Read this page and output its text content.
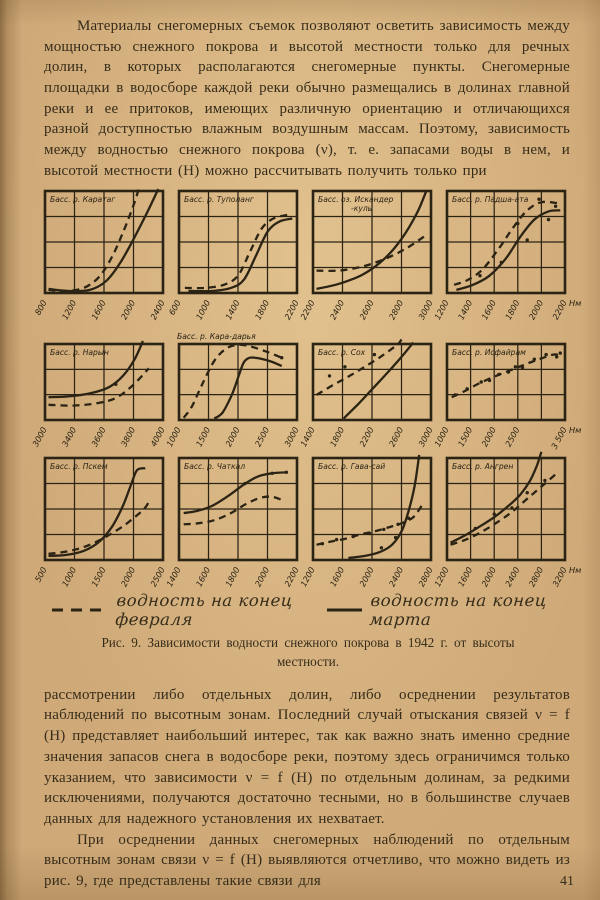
Материалы снегомерных съемок позволяют осветить зависимость между мощностью снежного покрова и высотой местности только для речных долин, в которых располагаются снегомерные пункты. Снегомерные площадки в водосборе каждой реки обычно размещались в долинах главной реки и ее притоков, имеющих различную ориентацию и отличающихся разной доступностью влажным воздушным массам. Поэтому, зависимость между водностью снежного покрова (ν), т. е. запасами воды в нем, и высотой местности (H) можно рассчитывать получить только при

Басс. р. Каратаг
800 1200 1600 2000 2400
Басс. р. Туполанг
600 1000 1400 1800 2200
Басс. оз. Искандер
-куль
2200 2400 2600 2800 3000
Басс. р. Падша-ата
1200 1400 1600 1800 2000 2200 Нм
Басс. р. Нарын
3000 3400 3600 3800 4000
Басс. р. Кара-дарья
1000 1500 2000 2500 3000
Басс. р. Сох
1400 1800 2200 2600 3000
Басс. р. Исфайрам
1000 1500 2000 2500	3 500 Нм
Басс. р. Пскем
500 1000 1500 2000 2500
Басс. р. Чаткал
1400 1600 1800 2000 2200
Басс. р. Гава-сай
1200 1600 2000 2400 2800
Басс. р. Ангрен
1200 1600 2000 2400 2800 3200 Нм
водность на конец февраля
водность на конец марта

Рис. 9. Зависимости водности снежного покрова в 1942 г. от высоты местности.

рассмотрении либо отдельных долин, либо осреднении результатов наблюдений по высотным зонам. Последний случай отыскания связей ν = f (H) представляет наибольший интерес, так как важно знать именно средние значения запасов снега в водосборе реки, поэтому здесь ограничимся только указанием, что зависимости ν = f (H) по отдельным долинам, за редкими исключениями, получаются достаточно тесными, но в большинстве случаев данных для надежного установления их нехватает.

При осреднении данных снегомерных наблюдений по отдельным высотным зонам связи ν = f (H) выявляются отчетливо, что можно видеть из рис. 9, где представлены такие связи для	41
